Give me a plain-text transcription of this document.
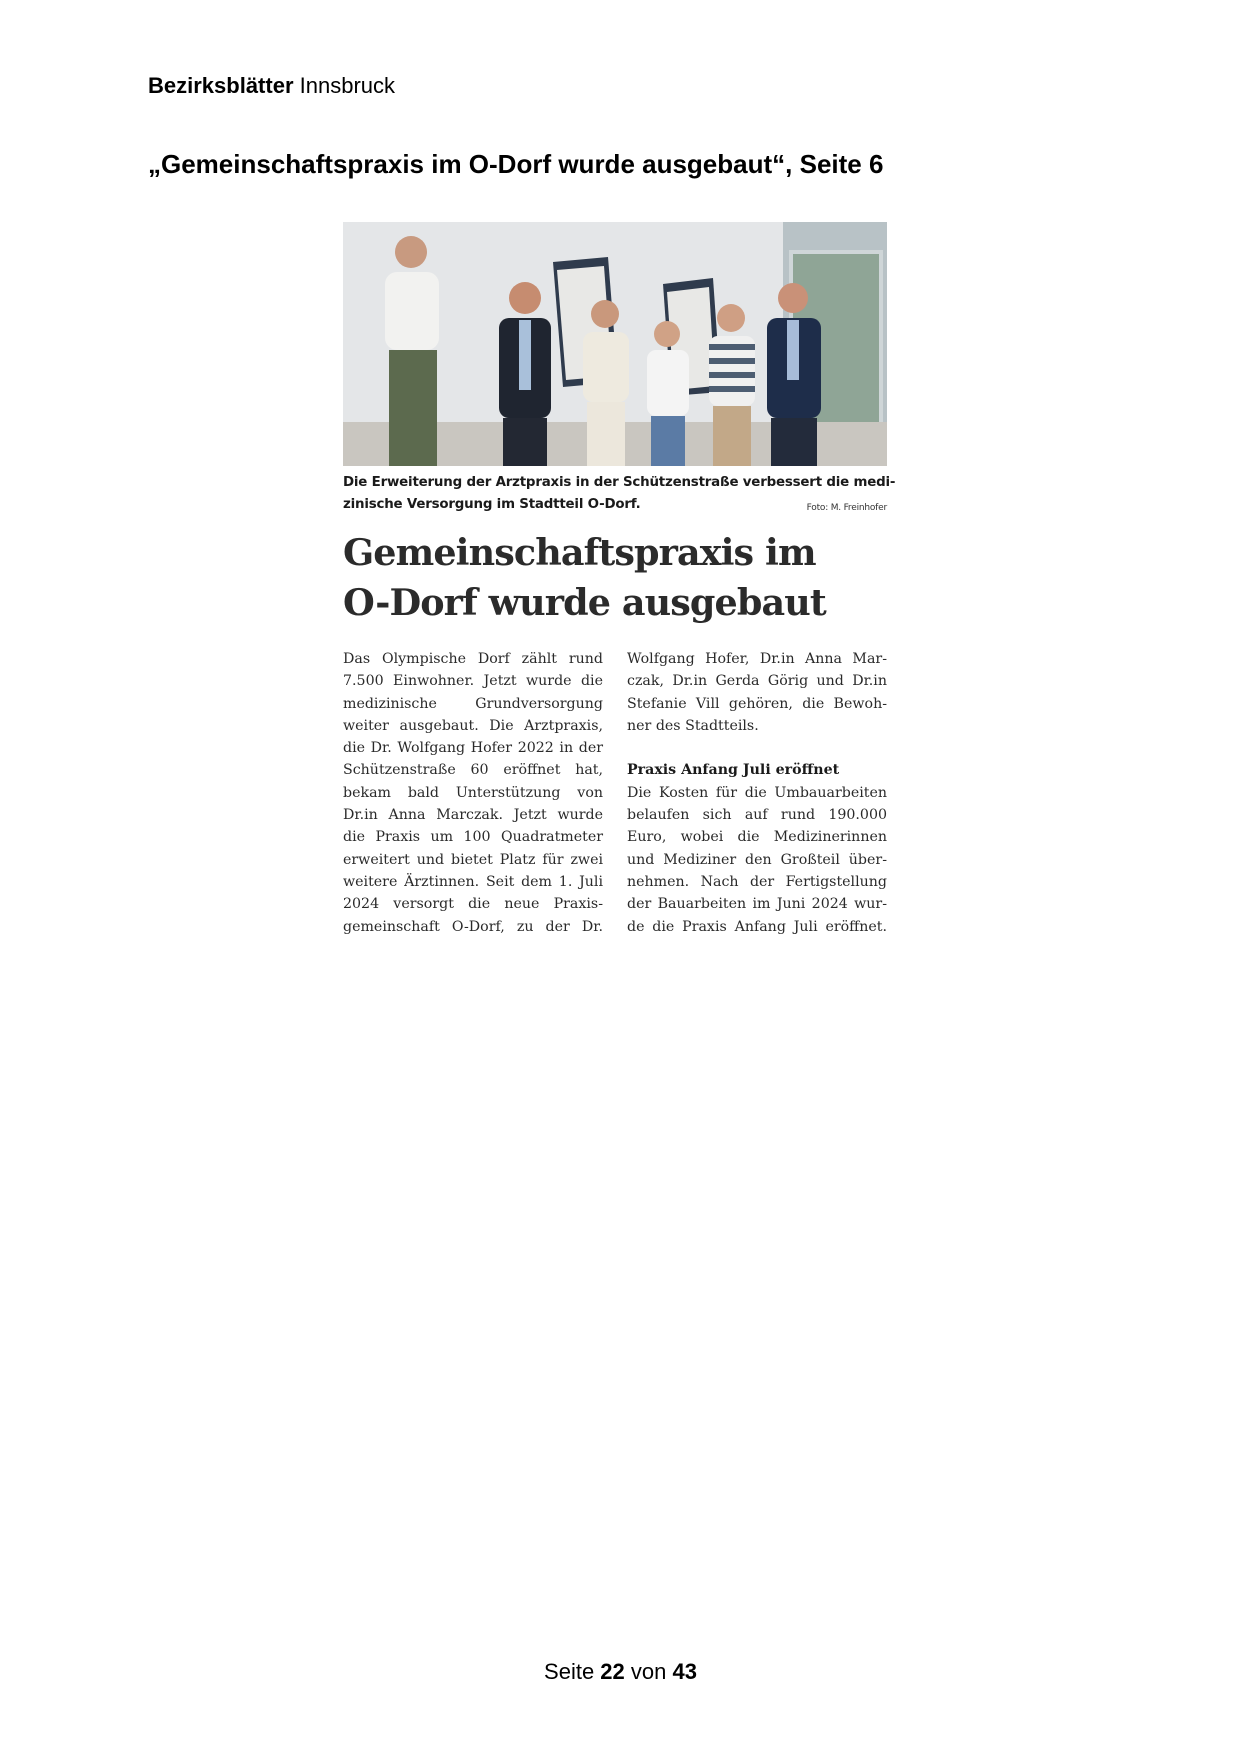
Bezirksblätter Innsbruck
„Gemeinschaftspraxis im O-Dorf wurde ausgebaut“, Seite 6
Die Erweiterung der Arztpraxis in der Schützenstraße verbessert die medi-
zinische Versorgung im Stadtteil O-Dorf.	Foto: M. Freinhofer
Gemeinschaftspraxis im
O-Dorf wurde ausgebaut
Das Olympische Dorf zählt rund
7.500 Einwohner. Jetzt wurde die
medizinische Grundversorgung
weiter ausgebaut. Die Arztpraxis,
die Dr. Wolfgang Hofer 2022 in der
Schützenstraße 60 eröffnet hat,
bekam bald Unterstützung von
Dr.in Anna Marczak. Jetzt wurde
die Praxis um 100 Quadratmeter
erweitert und bietet Platz für zwei
weitere Ärztinnen. Seit dem 1. Juli
2024 versorgt die neue Praxis-
gemeinschaft O-Dorf, zu der Dr.
Wolfgang Hofer, Dr.in Anna Mar-
czak, Dr.in Gerda Görig und Dr.in
Stefanie Vill gehören, die Bewoh-
ner des Stadtteils.
Praxis Anfang Juli eröffnet
Die Kosten für die Umbauarbeiten
belaufen sich auf rund 190.000
Euro, wobei die Medizinerinnen
und Mediziner den Großteil über-
nehmen. Nach der Fertigstellung
der Bauarbeiten im Juni 2024 wur-
de die Praxis Anfang Juli eröffnet.
Seite 22 von 43
